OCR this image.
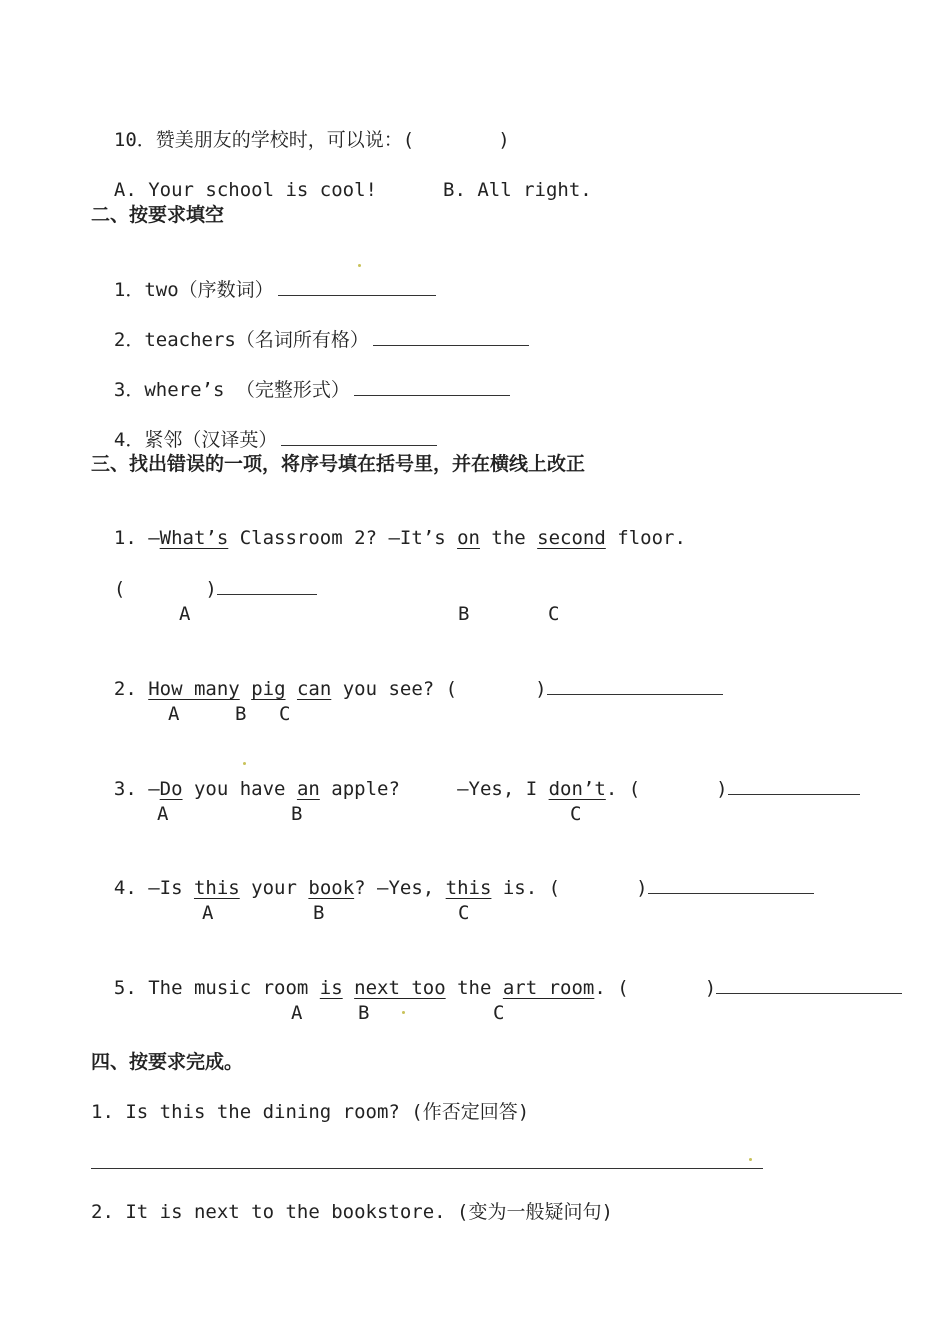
10．赞美朋友的学校时，可以说：(	)

A. Your school is cool!	B. All right.

二、按要求填空

1．two（序数词）

2．teachers（名词所有格）

3．where’s （完整形式）

4．紧邻（汉译英）

三、找出错误的一项，将序号填在括号里，并在横线上改正

1. —What’s Classroom 2? —It’s on the second floor.

(	)

A	B	C

2. How many pig can you see? (	)

A	B C

3. —Do you have an apple?     —Yes, I don’t. (	)

A	B	C

4. —Is this your book? —Yes, this is. (	)

A	B	C

5. The music room is next too the art room. (	)

A	B	C
四、按要求完成。
1. Is this the dining room? (作否定回答)
2. It is next to the bookstore. (变为一般疑问句)
